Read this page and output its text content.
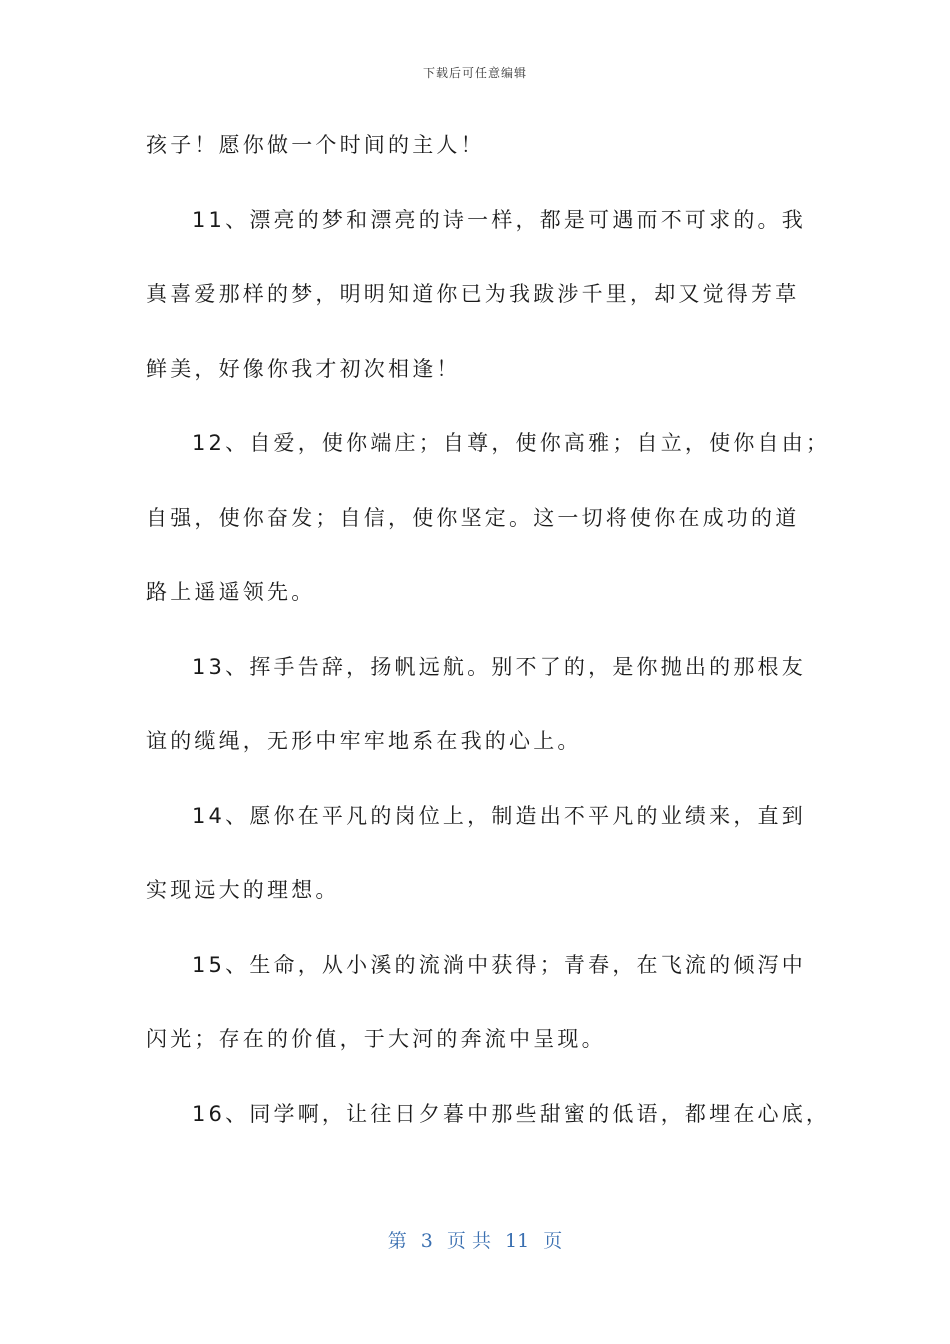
下载后可任意编辑
孩子！愿你做一个时间的主人！
11、漂亮的梦和漂亮的诗一样，都是可遇而不可求的。我
真喜爱那样的梦，明明知道你已为我跋涉千里，却又觉得芳草
鲜美，好像你我才初次相逢！
12、自爱，使你端庄；自尊，使你高雅；自立，使你自由；
自强，使你奋发；自信，使你坚定。这一切将使你在成功的道
路上遥遥领先。
13、挥手告辞，扬帆远航。别不了的，是你抛出的那根友
谊的缆绳，无形中牢牢地系在我的心上。
14、愿你在平凡的岗位上，制造出不平凡的业绩来，直到
实现远大的理想。
15、生命，从小溪的流淌中获得；青春，在飞流的倾泻中
闪光；存在的价值，于大河的奔流中呈现。
16、同学啊，让往日夕暮中那些甜蜜的低语，都埋在心底，
第 3 页 共 11 页
